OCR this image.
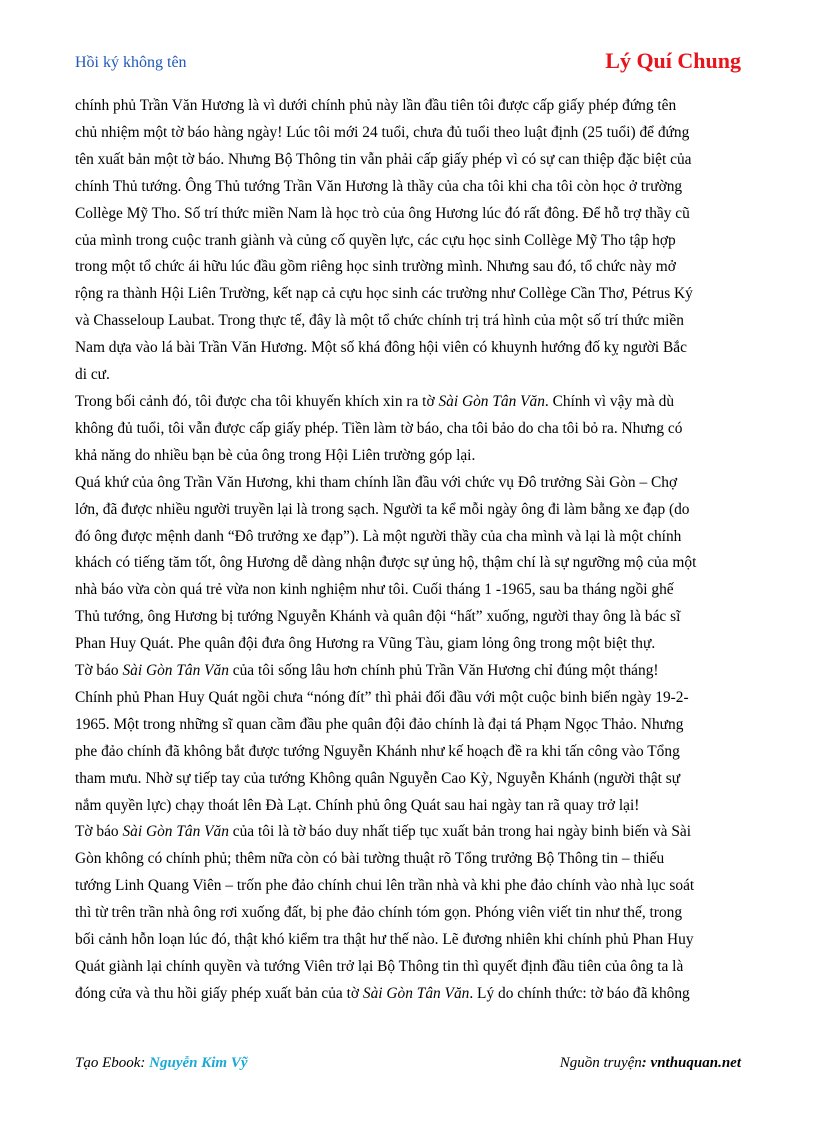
Hồi ký không tên	Lý Quí Chung

chính phủ Trần Văn Hương là vì dưới chính phủ này lần đầu tiên tôi được cấp giấy phép đứng tên
chủ nhiệm một tờ báo hàng ngày! Lúc tôi mới 24 tuổi, chưa đủ tuổi theo luật định (25 tuổi) để đứng
tên xuất bản một tờ báo. Nhưng Bộ Thông tin vẫn phải cấp giấy phép vì có sự can thiệp đặc biệt của
chính Thủ tướng. Ông Thủ tướng Trần Văn Hương là thầy của cha tôi khi cha tôi còn học ở trường
Collège Mỹ Tho. Số trí thức miền Nam là học trò của ông Hương lúc đó rất đông. Để hỗ trợ thầy cũ
của mình trong cuộc tranh giành và củng cố quyền lực, các cựu học sinh Collège Mỹ Tho tập hợp
trong một tổ chức ái hữu lúc đầu gồm riêng học sinh trường mình. Nhưng sau đó, tổ chức này mở
rộng ra thành Hội Liên Trường, kết nạp cả cựu học sinh các trường như Collège Cần Thơ, Pétrus Ký
và Chasseloup Laubat. Trong thực tế, đây là một tổ chức chính trị trá hình của một số trí thức miền
Nam dựa vào lá bài Trần Văn Hương. Một số khá đông hội viên có khuynh hướng đố kỵ người Bắc
di cư.

Trong bối cảnh đó, tôi được cha tôi khuyến khích xin ra tờ Sài Gòn Tân Văn. Chính vì vậy mà dù
không đủ tuổi, tôi vẫn được cấp giấy phép. Tiền làm tờ báo, cha tôi bảo do cha tôi bỏ ra. Nhưng có
khả năng do nhiều bạn bè của ông trong Hội Liên trường góp lại.

Quá khứ của ông Trần Văn Hương, khi tham chính lần đầu với chức vụ Đô trưởng Sài Gòn – Chợ
lớn, đã được nhiều người truyền lại là trong sạch. Người ta kể mỗi ngày ông đi làm bằng xe đạp (do
đó ông được mệnh danh “Đô trưởng xe đạp”). Là một người thầy của cha mình và lại là một chính
khách có tiếng tăm tốt, ông Hương dễ dàng nhận được sự ủng hộ, thậm chí là sự ngưỡng mộ của một
nhà báo vừa còn quá trẻ vừa non kinh nghiệm như tôi. Cuối tháng 1 -1965, sau ba tháng ngồi ghế
Thủ tướng, ông Hương bị tướng Nguyễn Khánh và quân đội “hất” xuống, người thay ông là bác sĩ
Phan Huy Quát. Phe quân đội đưa ông Hương ra Vũng Tàu, giam lỏng ông trong một biệt thự.

Tờ báo Sài Gòn Tân Văn của tôi sống lâu hơn chính phủ Trần Văn Hương chỉ đúng một tháng!
Chính phủ Phan Huy Quát ngồi chưa “nóng đít” thì phải đối đầu với một cuộc binh biến ngày 19-2-
1965. Một trong những sĩ quan cầm đầu phe quân đội đảo chính là đại tá Phạm Ngọc Thảo. Nhưng
phe đảo chính đã không bắt được tướng Nguyễn Khánh như kế hoạch đề ra khi tấn công vào Tổng
tham mưu. Nhờ sự tiếp tay của tướng Không quân Nguyễn Cao Kỳ, Nguyễn Khánh (người thật sự
nắm quyền lực) chạy thoát lên Đà Lạt. Chính phủ ông Quát sau hai ngày tan rã quay trở lại!

Tờ báo Sài Gòn Tân Văn của tôi là tờ báo duy nhất tiếp tục xuất bản trong hai ngày binh biến và Sài
Gòn không có chính phủ; thêm nữa còn có bài tường thuật rõ Tổng trưởng Bộ Thông tin – thiếu
tướng Linh Quang Viên – trốn phe đảo chính chui lên trần nhà và khi phe đảo chính vào nhà lục soát
thì từ trên trần nhà ông rơi xuống đất, bị phe đảo chính tóm gọn. Phóng viên viết tin như thế, trong
bối cảnh hỗn loạn lúc đó, thật khó kiểm tra thật hư thế nào. Lẽ đương nhiên khi chính phủ Phan Huy
Quát giành lại chính quyền và tướng Viên trở lại Bộ Thông tin thì quyết định đầu tiên của ông ta là
đóng cửa và thu hồi giấy phép xuất bản của tờ Sài Gòn Tân Văn. Lý do chính thức: tờ báo đã không

Tạo Ebook: Nguyễn Kim Vỹ	Nguồn truyện: vnthuquan.net
